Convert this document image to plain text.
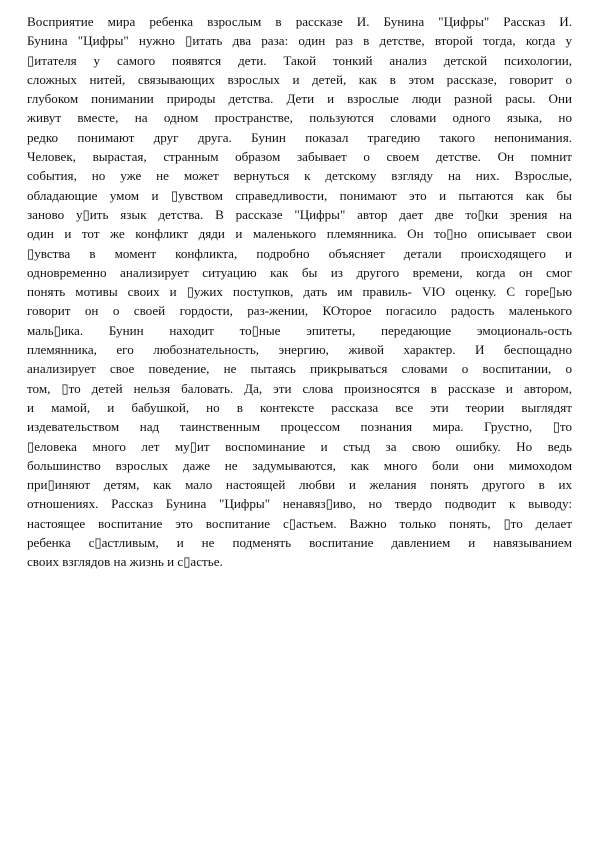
Восприятие мира ребенка взрослым в рассказе И. Бунина "Цифры" Рассказ И.
Бунина "Цифры" нужно ▯итать два раза: один раз в детстве, второй тогда, когда у
▯итателя у самого появятся дети. Такой тонкий анализ детской психологии,
сложных нитей, связывающих взрослых и детей, как в этом рассказе, говорит о
глубоком понимании природы детства. Дети и взрослые люди разной расы. Они
живут вместе, на одном пространстве, пользуются словами одного языка, но
редко понимают друг друга. Бунин показал трагедию такого непонимания.
Человек, вырастая, странным образом забывает о своем детстве. Он помнит
события, но уже не может вернуться к детскому взгляду на них. Взрослые,
обладающие умом и ▯увством справедливости, понимают это и пытаются как бы
заново у▯ить язык детства. В рассказе "Цифры" автор дает две то▯ки зрения на
один и тот же конфликт дяди и маленького племянника. Он то▯но описывает свои
▯увства в момент конфликта, подробно объясняет детали происходящего и
одновременно анализирует ситуацию как бы из другого времени, когда он смог
понять мотивы своих и ▯ужих поступков, дать им правиль- VIO оценку. С горе▯ью
говорит он о своей гордости, раз-жении, КОторое погасило радость маленького
маль▯ика. Бунин находит то▯ные эпитеты, передающие эмоциональ-ость
племянника, его любознательность, энергию, живой характер. И беспощадно
анализирует свое поведение, не пытаясь прикрываться словами о воспитании, о
том, ▯то детей нельзя баловать. Да, эти слова произносятся в рассказе и автором,
и мамой, и бабушкой, но в контексте рассказа все эти теории выглядят
издевательством над таинственным процессом познания мира. Грустно, ▯то
▯еловека много лет му▯ит воспоминание и стыд за свою ошибку. Но ведь
большинство взрослых даже не задумываются, как много боли они мимоходом
при▯иняют детям, как мало настоящей любви и желания понять другого в их
отношениях. Рассказ Бунина "Цифры" ненавяз▯иво, но твердо подводит к выводу:
настоящее воспитание это воспитание с▯астьем. Важно только понять, ▯то делает
ребенка с▯астливым, и не подменять воспитание давлением и навязыванием
своих взглядов на жизнь и с▯астье.
